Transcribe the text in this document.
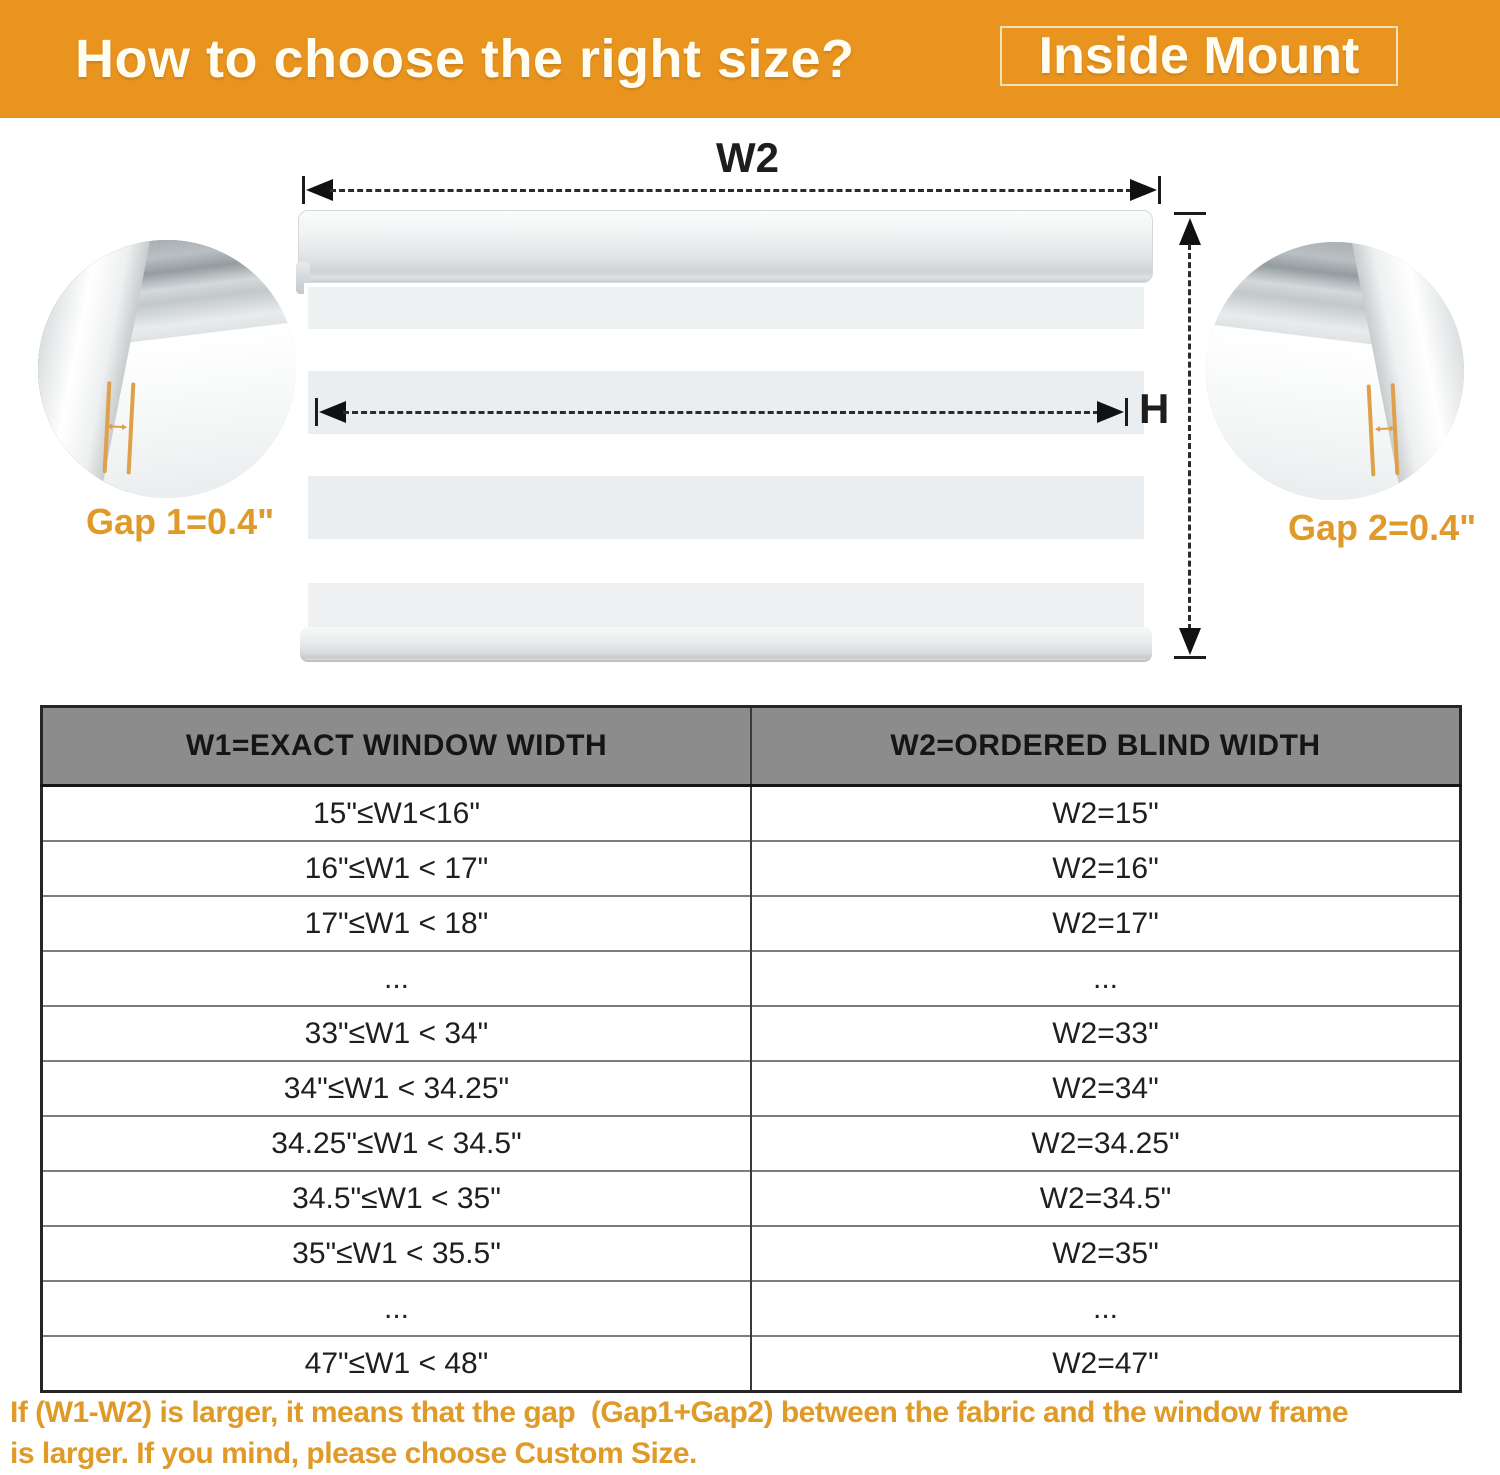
How to choose the right size?	Inside Mount
W2
H
Gap 1=0.4"	Gap 2=0.4"
W1=EXACT WINDOW WIDTH	W2=ORDERED BLIND WIDTH
15"≤W1<16"	W2=15"
16"≤W1 < 17"	W2=16"
17"≤W1 < 18"	W2=17"
...	...
33"≤W1 < 34"	W2=33"
34"≤W1 < 34.25"	W2=34"
34.25"≤W1 < 34.5"	W2=34.25"
34.5"≤W1 < 35"	W2=34.5"
35"≤W1 < 35.5"	W2=35"
...	...
47"≤W1 < 48"	W2=47"
If (W1-W2) is larger, it means that the gap  (Gap1+Gap2) between the fabric and the window frame
is larger. If you mind, please choose Custom Size.
